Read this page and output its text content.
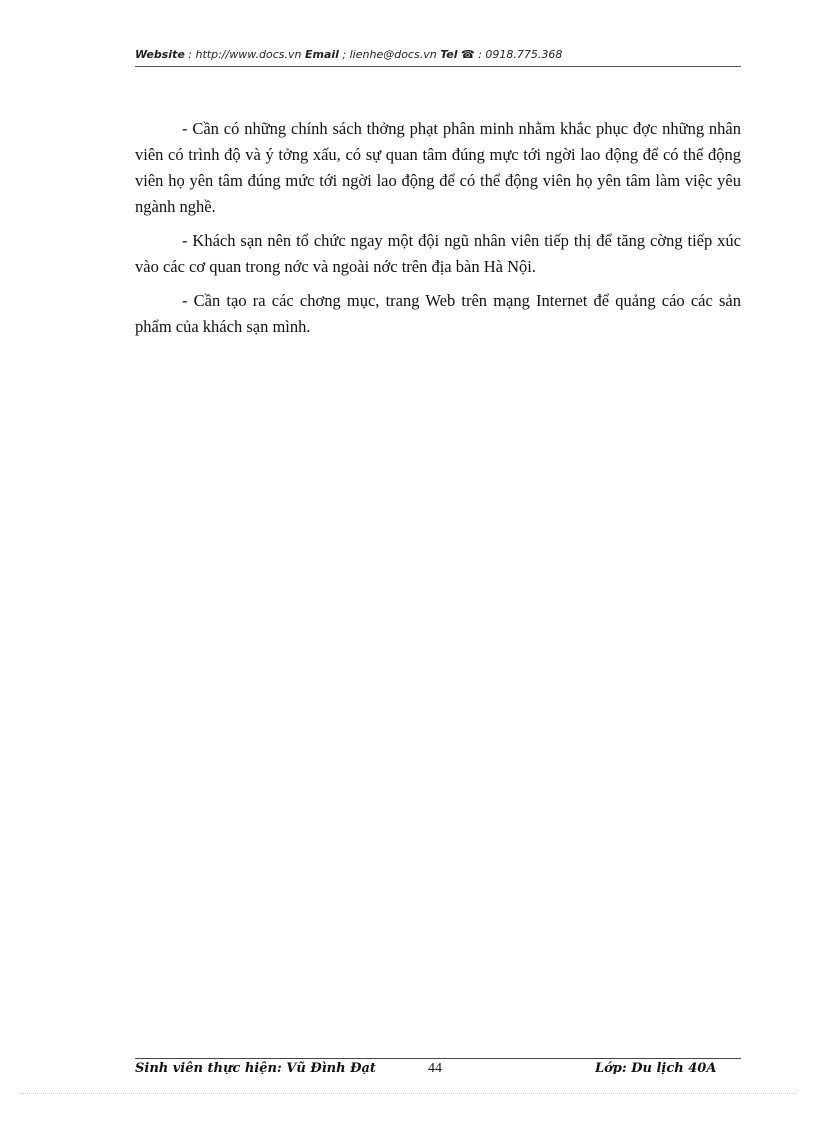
Website : http://www.docs.vn Email ; lienhe@docs.vn Tel ☎ : 0918.775.368

- Cần có những chính sách thởng phạt phân minh nhằm khắc phục đợc những nhân viên có trình độ và ý tởng xấu, có sự quan tâm đúng mực tới ngời lao động để có thể động viên họ yên tâm đúng mức tới ngời lao động để có thể động viên họ yên tâm làm việc yêu ngành nghề.

- Khách sạn nên tổ chức ngay một đội ngũ nhân viên tiếp thị để tăng cờng tiếp xúc vào các cơ quan trong nớc và ngoài nớc trên địa bàn Hà Nội.

- Cần tạo ra các chơng mục, trang Web trên mạng Internet để quảng cáo các sản phẩm của khách sạn mình.

Sinh viên thực hiện: Vũ Đình Đạt	44	Lớp: Du lịch 40A
